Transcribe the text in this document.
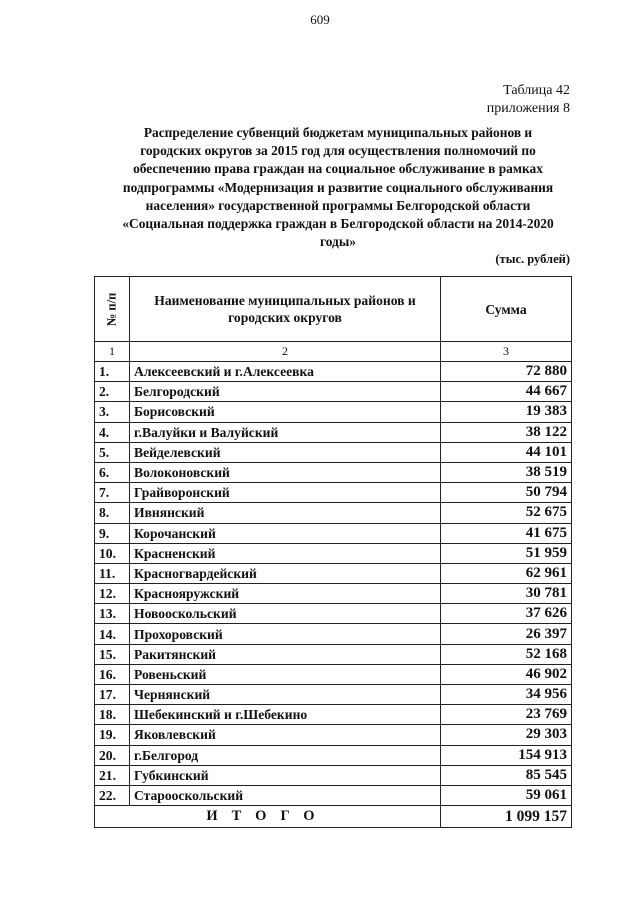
609
Таблица 42
приложения 8
Распределение субвенций бюджетам муниципальных районов и
городских округов за 2015 год для осуществления полномочий по
обеспечению права граждан на социальное обслуживание в рамках
подпрограммы «Модернизация и развитие социального обслуживания
населения» государственной программы Белгородской области
«Социальная поддержка граждан в Белгородской области на 2014-2020
годы»
(тыс. рублей)
№ п/п	Наименование муниципальных районов и городских округов	Сумма
1	2	3
1.	Алексеевский и г.Алексеевка	72 880
2.	Белгородский	44 667
3.	Борисовский	19 383
4.	г.Валуйки и Валуйский	38 122
5.	Вейделевский	44 101
6.	Волоконовский	38 519
7.	Грайворонский	50 794
8.	Ивнянский	52 675
9.	Корочанский	41 675
10.	Красненский	51 959
11.	Красногвардейский	62 961
12.	Краснояружский	30 781
13.	Новооскольский	37 626
14.	Прохоровский	26 397
15.	Ракитянский	52 168
16.	Ровеньский	46 902
17.	Чернянский	34 956
18.	Шебекинский и г.Шебекино	23 769
19.	Яковлевский	29 303
20.	г.Белгород	154 913
21.	Губкинский	85 545
22.	Старооскольский	59 061
ИТОГО		1 099 157
